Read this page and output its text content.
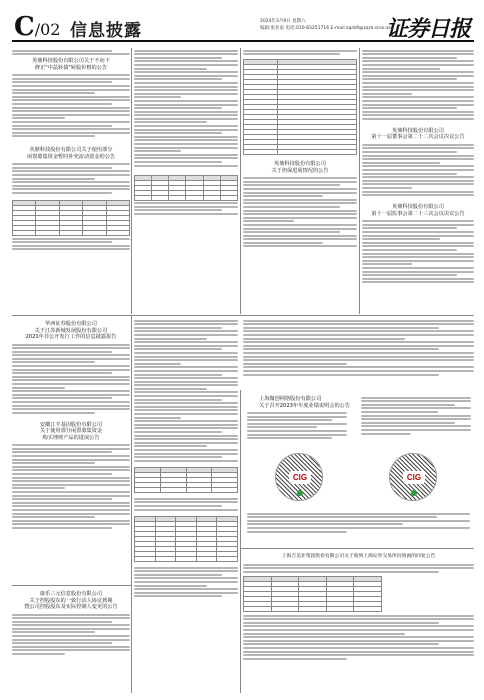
C/02 信息披露	2024年3月9日 星期六
编辑:张亚南 电话:010-83251716 E-mail:zqrb9@zqrb.sina.net
证券日报
英鼎科技股份有限公司关于不向下
修正"中晶转债"转股价格的公告
英鼎科技股份有限公司关于使用部分
闲置募集资金暂时补充流动资金的公告

英鼎科技股份有限公司
关于担保进展情况的公告
英鼎科技股份有限公司
第十一届董事会第二十二次会议决议公告
英鼎科技股份有限公司
第十一届监事会第二十三次会议决议公告
华西证券股份有限公司
关于江苏新城发展股份有限公司
2021年非公开发行工作的信息披露报告
安徽江丰基因股份有限公司
关于使用部分闲置募集资金
购买理财产品的进展公告
康乐三元信息股份有限公司
关于控股股东的一致行动人协议到期
暨公司控股股东及实际控制人变更的公告

上海微创网络股份有限公司
关于召开2023年年度业绩说明会的公告
CIG	CIG
上海吉美亚集团股份有限公司关于收到上海证券交易所问询函的回复公告
